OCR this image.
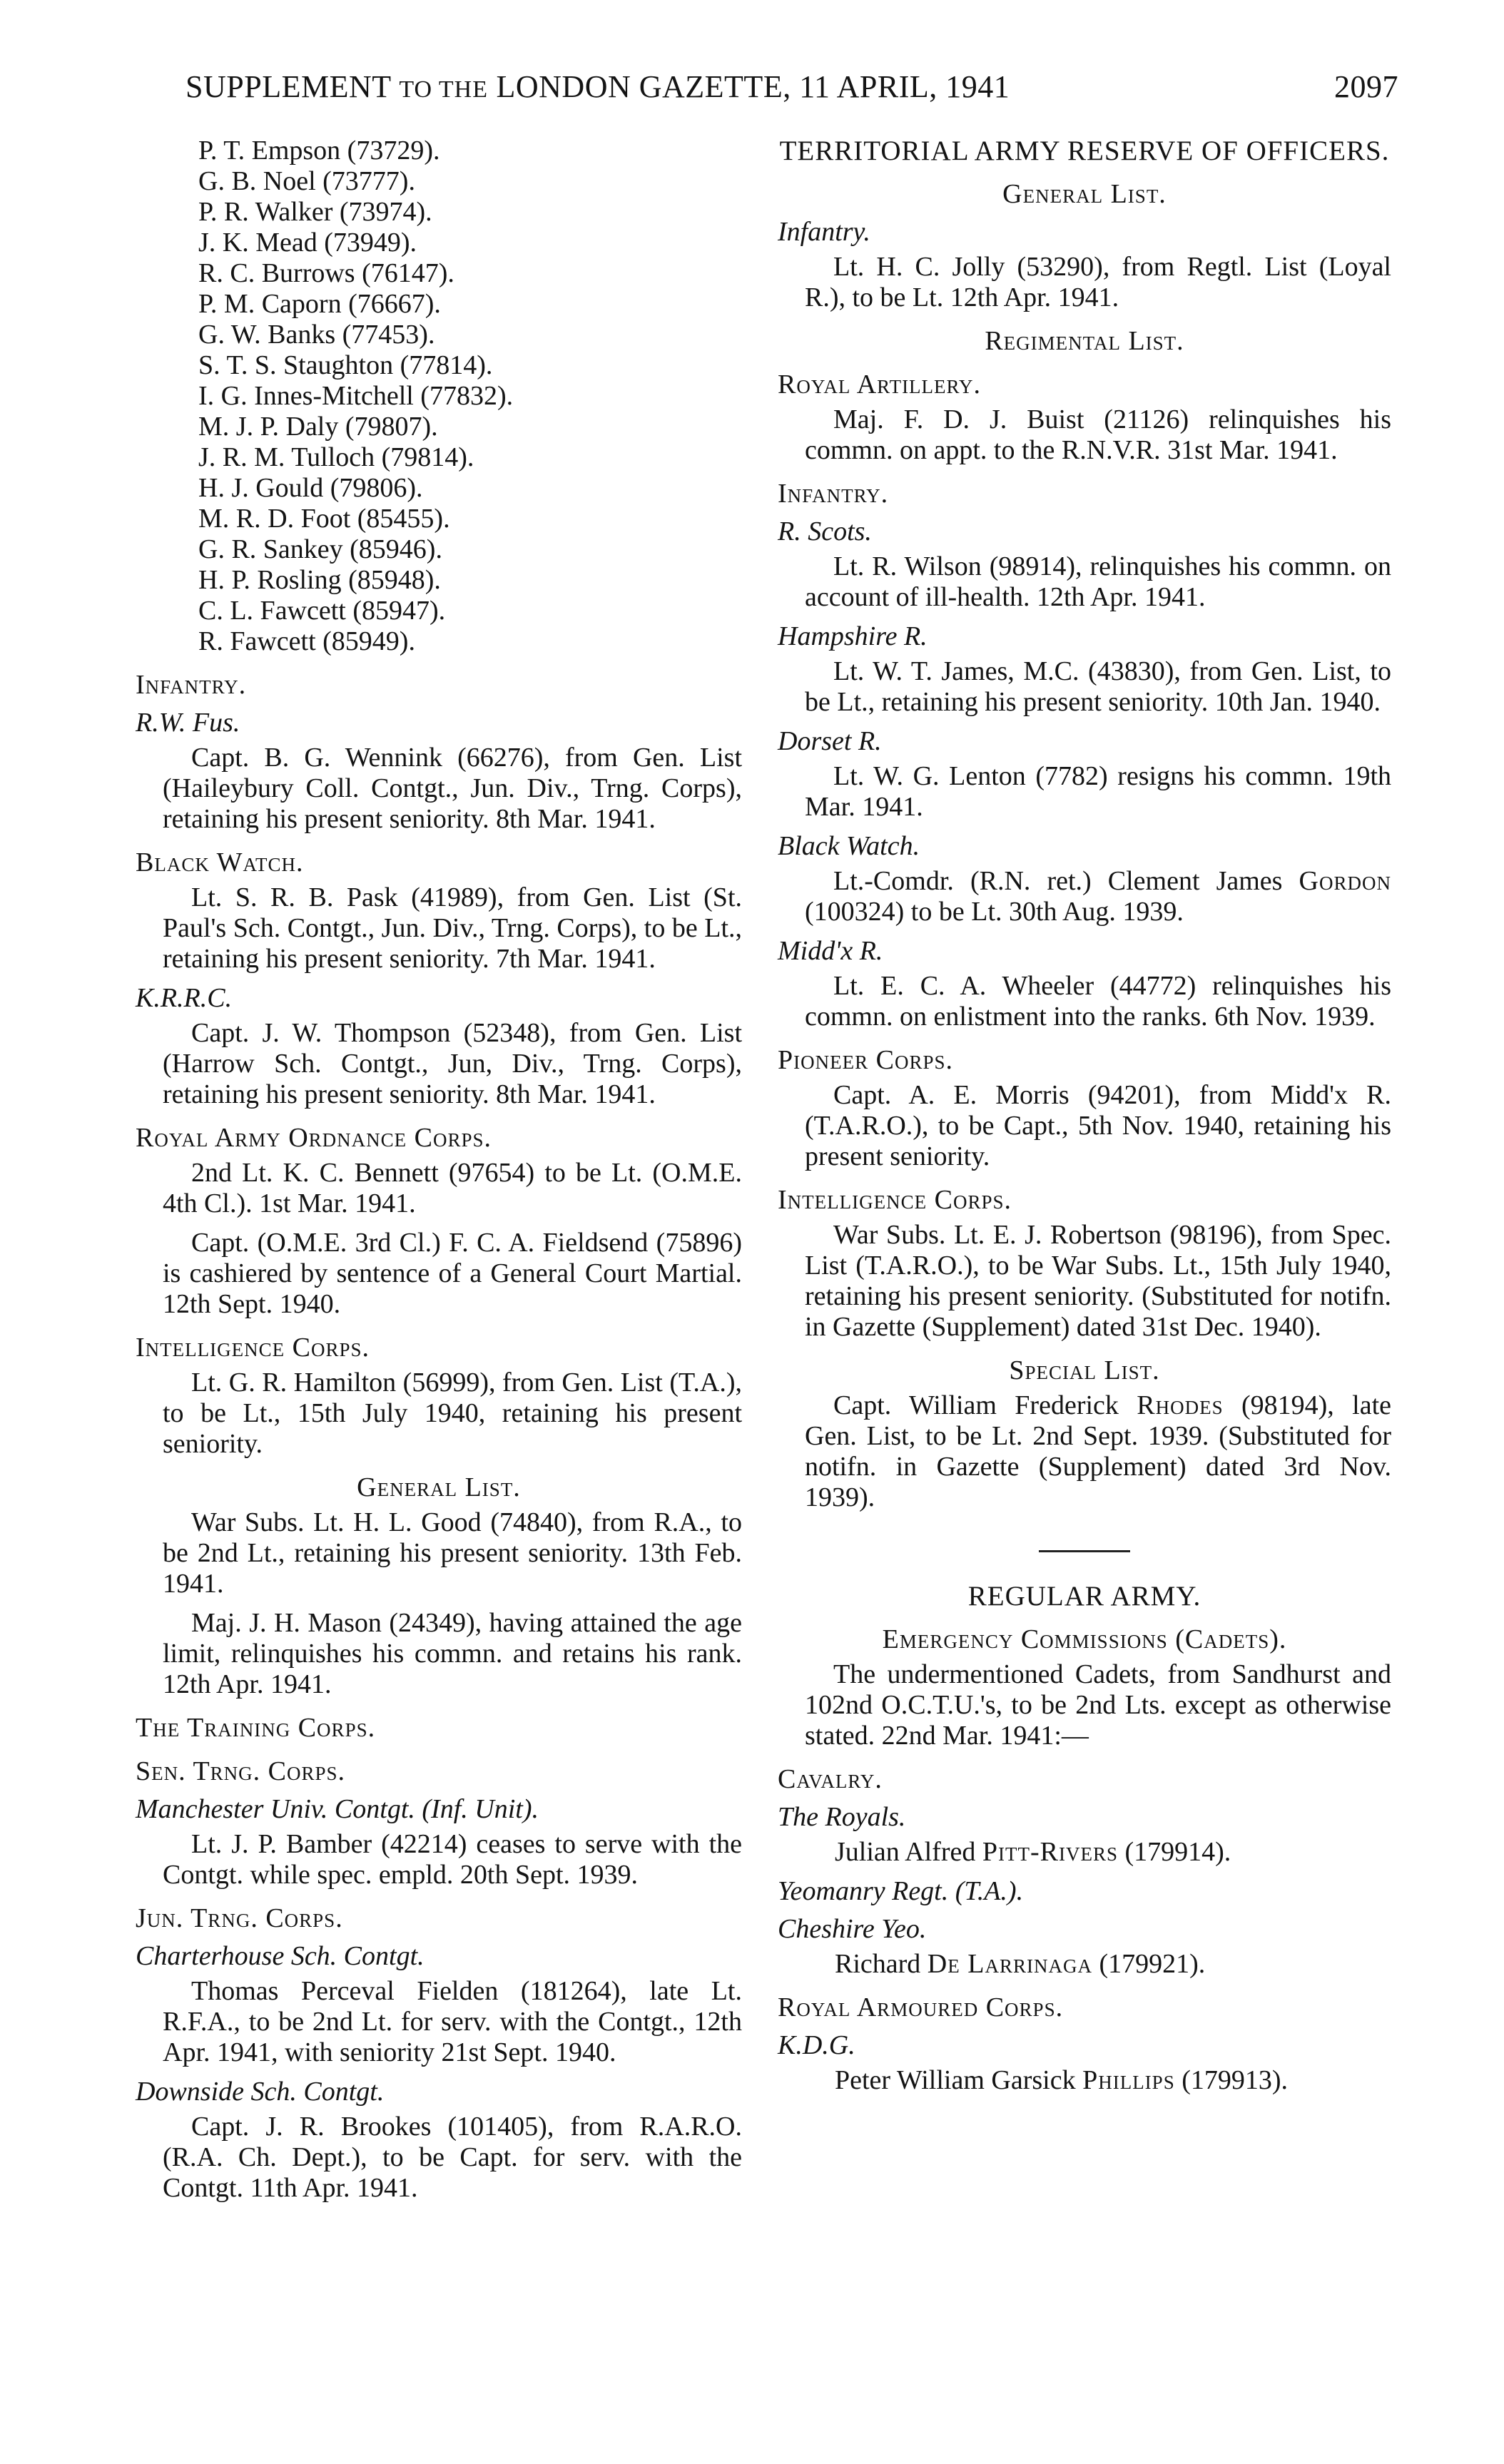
SUPPLEMENT TO THE LONDON GAZETTE, 11 APRIL, 1941	2097
P. T. Empson (73729).
G. B. Noel (73777).
P. R. Walker (73974).
J. K. Mead (73949).
R. C. Burrows (76147).
P. M. Caporn (76667).
G. W. Banks (77453).
S. T. S. Staughton (77814).
I. G. Innes-Mitchell (77832).
M. J. P. Daly (79807).
J. R. M. Tulloch (79814).
H. J. Gould (79806).
M. R. D. Foot (85455).
G. R. Sankey (85946).
H. P. Rosling (85948).
C. L. Fawcett (85947).
R. Fawcett (85949).
Infantry.
R.W. Fus.
Capt. B. G. Wennink (66276), from Gen. List (Haileybury Coll. Contgt., Jun. Div., Trng. Corps), retaining his present seniority. 8th Mar. 1941.
Black Watch.
Lt. S. R. B. Pask (41989), from Gen. List (St. Paul's Sch. Contgt., Jun. Div., Trng. Corps), to be Lt., retaining his present seniority. 7th Mar. 1941.
K.R.R.C.
Capt. J. W. Thompson (52348), from Gen. List (Harrow Sch. Contgt., Jun, Div., Trng. Corps), retaining his present seniority. 8th Mar. 1941.
Royal Army Ordnance Corps.
2nd Lt. K. C. Bennett (97654) to be Lt. (O.M.E. 4th Cl.). 1st Mar. 1941.
Capt. (O.M.E. 3rd Cl.) F. C. A. Fieldsend (75896) is cashiered by sentence of a General Court Martial. 12th Sept. 1940.
Intelligence Corps.
Lt. G. R. Hamilton (56999), from Gen. List (T.A.), to be Lt., 15th July 1940, retaining his present seniority.
General List.
War Subs. Lt. H. L. Good (74840), from R.A., to be 2nd Lt., retaining his present seniority. 13th Feb. 1941.
Maj. J. H. Mason (24349), having attained the age limit, relinquishes his commn. and retains his rank. 12th Apr. 1941.
The Training Corps.
Sen. Trng. Corps.
Manchester Univ. Contgt. (Inf. Unit).
Lt. J. P. Bamber (42214) ceases to serve with the Contgt. while spec. empld. 20th Sept. 1939.
Jun. Trng. Corps.
Charterhouse Sch. Contgt.
Thomas Perceval Fielden (181264), late Lt. R.F.A., to be 2nd Lt. for serv. with the Contgt., 12th Apr. 1941, with seniority 21st Sept. 1940.
Downside Sch. Contgt.
Capt. J. R. Brookes (101405), from R.A.R.O. (R.A. Ch. Dept.), to be Capt. for serv. with the Contgt. 11th Apr. 1941.
TERRITORIAL ARMY RESERVE OF OFFICERS.
General List.
Infantry.
Lt. H. C. Jolly (53290), from Regtl. List (Loyal R.), to be Lt. 12th Apr. 1941.
Regimental List.
Royal Artillery.
Maj. F. D. J. Buist (21126) relinquishes his commn. on appt. to the R.N.V.R. 31st Mar. 1941.
Infantry.
R. Scots.
Lt. R. Wilson (98914), relinquishes his commn. on account of ill-health. 12th Apr. 1941.
Hampshire R.
Lt. W. T. James, M.C. (43830), from Gen. List, to be Lt., retaining his present seniority. 10th Jan. 1940.
Dorset R.
Lt. W. G. Lenton (7782) resigns his commn. 19th Mar. 1941.
Black Watch.
Lt.-Comdr. (R.N. ret.) Clement James Gordon (100324) to be Lt. 30th Aug. 1939.
Midd'x R.
Lt. E. C. A. Wheeler (44772) relinquishes his commn. on enlistment into the ranks. 6th Nov. 1939.
Pioneer Corps.
Capt. A. E. Morris (94201), from Midd'x R. (T.A.R.O.), to be Capt., 5th Nov. 1940, retaining his present seniority.
Intelligence Corps.
War Subs. Lt. E. J. Robertson (98196), from Spec. List (T.A.R.O.), to be War Subs. Lt., 15th July 1940, retaining his present seniority. (Substituted for notifn. in Gazette (Supplement) dated 31st Dec. 1940).
Special List.
Capt. William Frederick Rhodes (98194), late Gen. List, to be Lt. 2nd Sept. 1939. (Substituted for notifn. in Gazette (Supplement) dated 3rd Nov. 1939).
REGULAR ARMY.
Emergency Commissions (Cadets).
The undermentioned Cadets, from Sandhurst and 102nd O.C.T.U.'s, to be 2nd Lts. except as otherwise stated. 22nd Mar. 1941:—
Cavalry.
The Royals.
Julian Alfred Pitt-Rivers (179914).
Yeomanry Regt. (T.A.).
Cheshire Yeo.
Richard De Larrinaga (179921).
Royal Armoured Corps.
K.D.G.
Peter William Garsick Phillips (179913).
